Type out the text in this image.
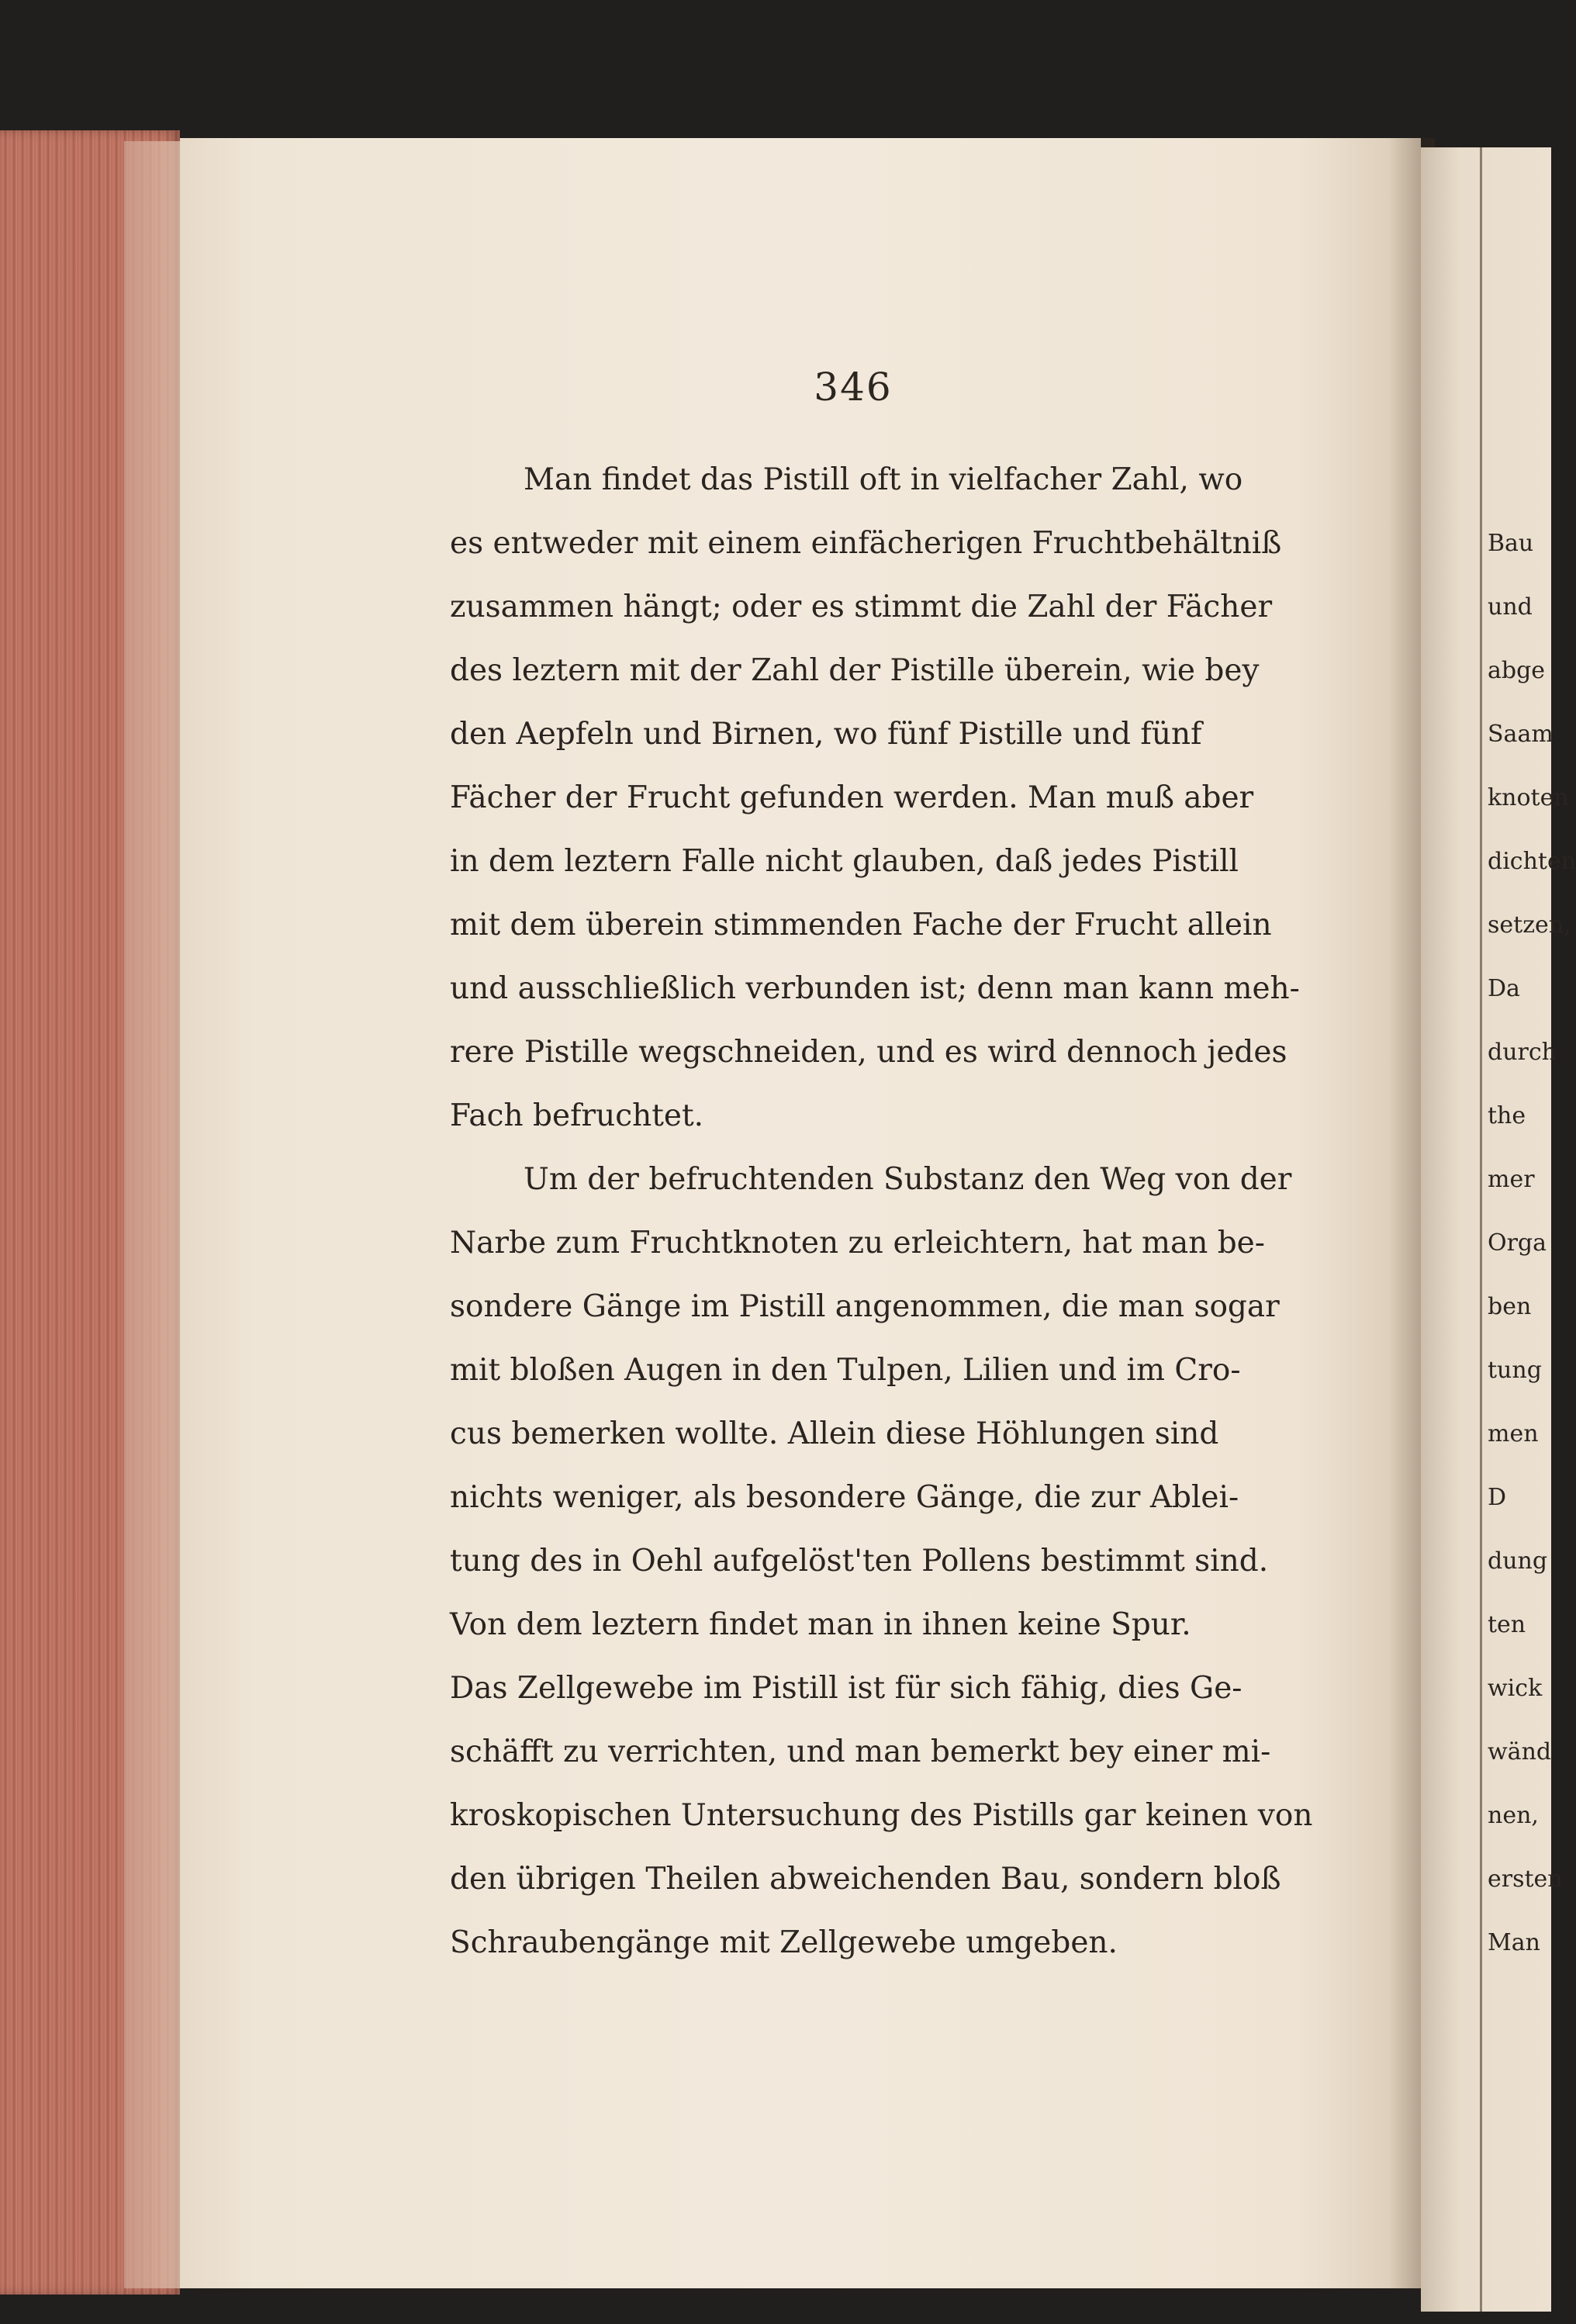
346
Man findet das Pistill oft in vielfacher Zahl, wo
es entweder mit einem einfächerigen Fruchtbehältniß
zusammen hängt; oder es stimmt die Zahl der Fächer
des leztern mit der Zahl der Pistille überein, wie bey
den Aepfeln und Birnen, wo fünf Pistille und fünf
Fächer der Frucht gefunden werden. Man muß aber
in dem leztern Falle nicht glauben, daß jedes Pistill
mit dem überein stimmenden Fache der Frucht allein
und ausschließlich verbunden ist; denn man kann meh-
rere Pistille wegschneiden, und es wird dennoch jedes
Fach befruchtet.
Um der befruchtenden Substanz den Weg von der
Narbe zum Fruchtknoten zu erleichtern, hat man be-
sondere Gänge im Pistill angenommen, die man sogar
mit bloßen Augen in den Tulpen, Lilien und im Cro-
cus bemerken wollte. Allein diese Höhlungen sind
nichts weniger, als besondere Gänge, die zur Ablei-
tung des in Oehl aufgelöst'ten Pollens bestimmt sind.
Von dem leztern findet man in ihnen keine Spur.
Das Zellgewebe im Pistill ist für sich fähig, dies Ge-
schäfft zu verrichten, und man bemerkt bey einer mi-
kroskopischen Untersuchung des Pistills gar keinen von
den übrigen Theilen abweichenden Bau, sondern bloß
Schraubengänge mit Zellgewebe umgeben.
Bau
und
abge
Saam
knoten
dichten
setzen,
Da
durch
the
mer
Orga
ben
tung
men
D
dung
ten
wick
wänd
nen,
ersten
Man
